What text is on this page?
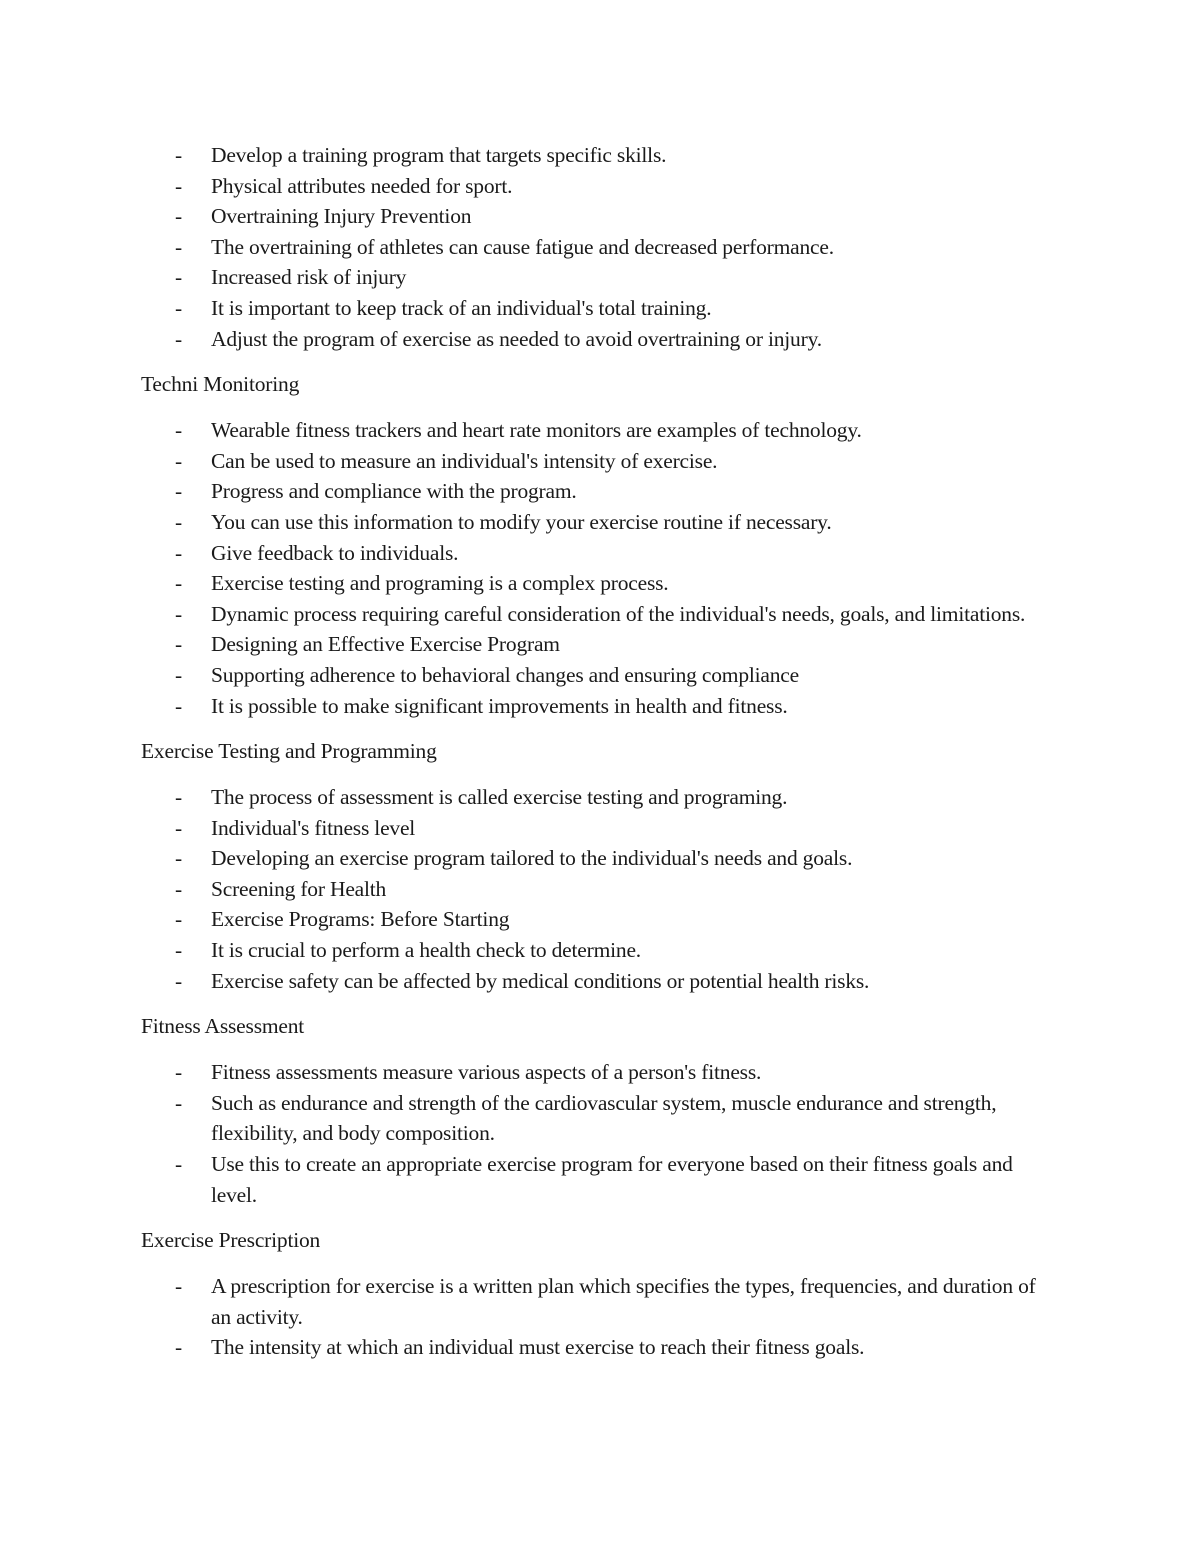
- Develop a training program that targets specific skills.
- Physical attributes needed for sport.
- Overtraining Injury Prevention
- The overtraining of athletes can cause fatigue and decreased performance.
- Increased risk of injury
- It is important to keep track of an individual's total training.
- Adjust the program of exercise as needed to avoid overtraining or injury.

Techni Monitoring

- Wearable fitness trackers and heart rate monitors are examples of technology.
- Can be used to measure an individual's intensity of exercise.
- Progress and compliance with the program.
- You can use this information to modify your exercise routine if necessary.
- Give feedback to individuals.
- Exercise testing and programing is a complex process.
- Dynamic process requiring careful consideration of the individual's needs, goals, and limitations.
- Designing an Effective Exercise Program
- Supporting adherence to behavioral changes and ensuring compliance
- It is possible to make significant improvements in health and fitness.

Exercise Testing and Programming

- The process of assessment is called exercise testing and programing.
- Individual's fitness level
- Developing an exercise program tailored to the individual's needs and goals.
- Screening for Health
- Exercise Programs: Before Starting
- It is crucial to perform a health check to determine.
- Exercise safety can be affected by medical conditions or potential health risks.

Fitness Assessment

- Fitness assessments measure various aspects of a person's fitness.
- Such as endurance and strength of the cardiovascular system, muscle endurance and strength, flexibility, and body composition.
- Use this to create an appropriate exercise program for everyone based on their fitness goals and level.

Exercise Prescription

- A prescription for exercise is a written plan which specifies the types, frequencies, and duration of an activity.
- The intensity at which an individual must exercise to reach their fitness goals.
